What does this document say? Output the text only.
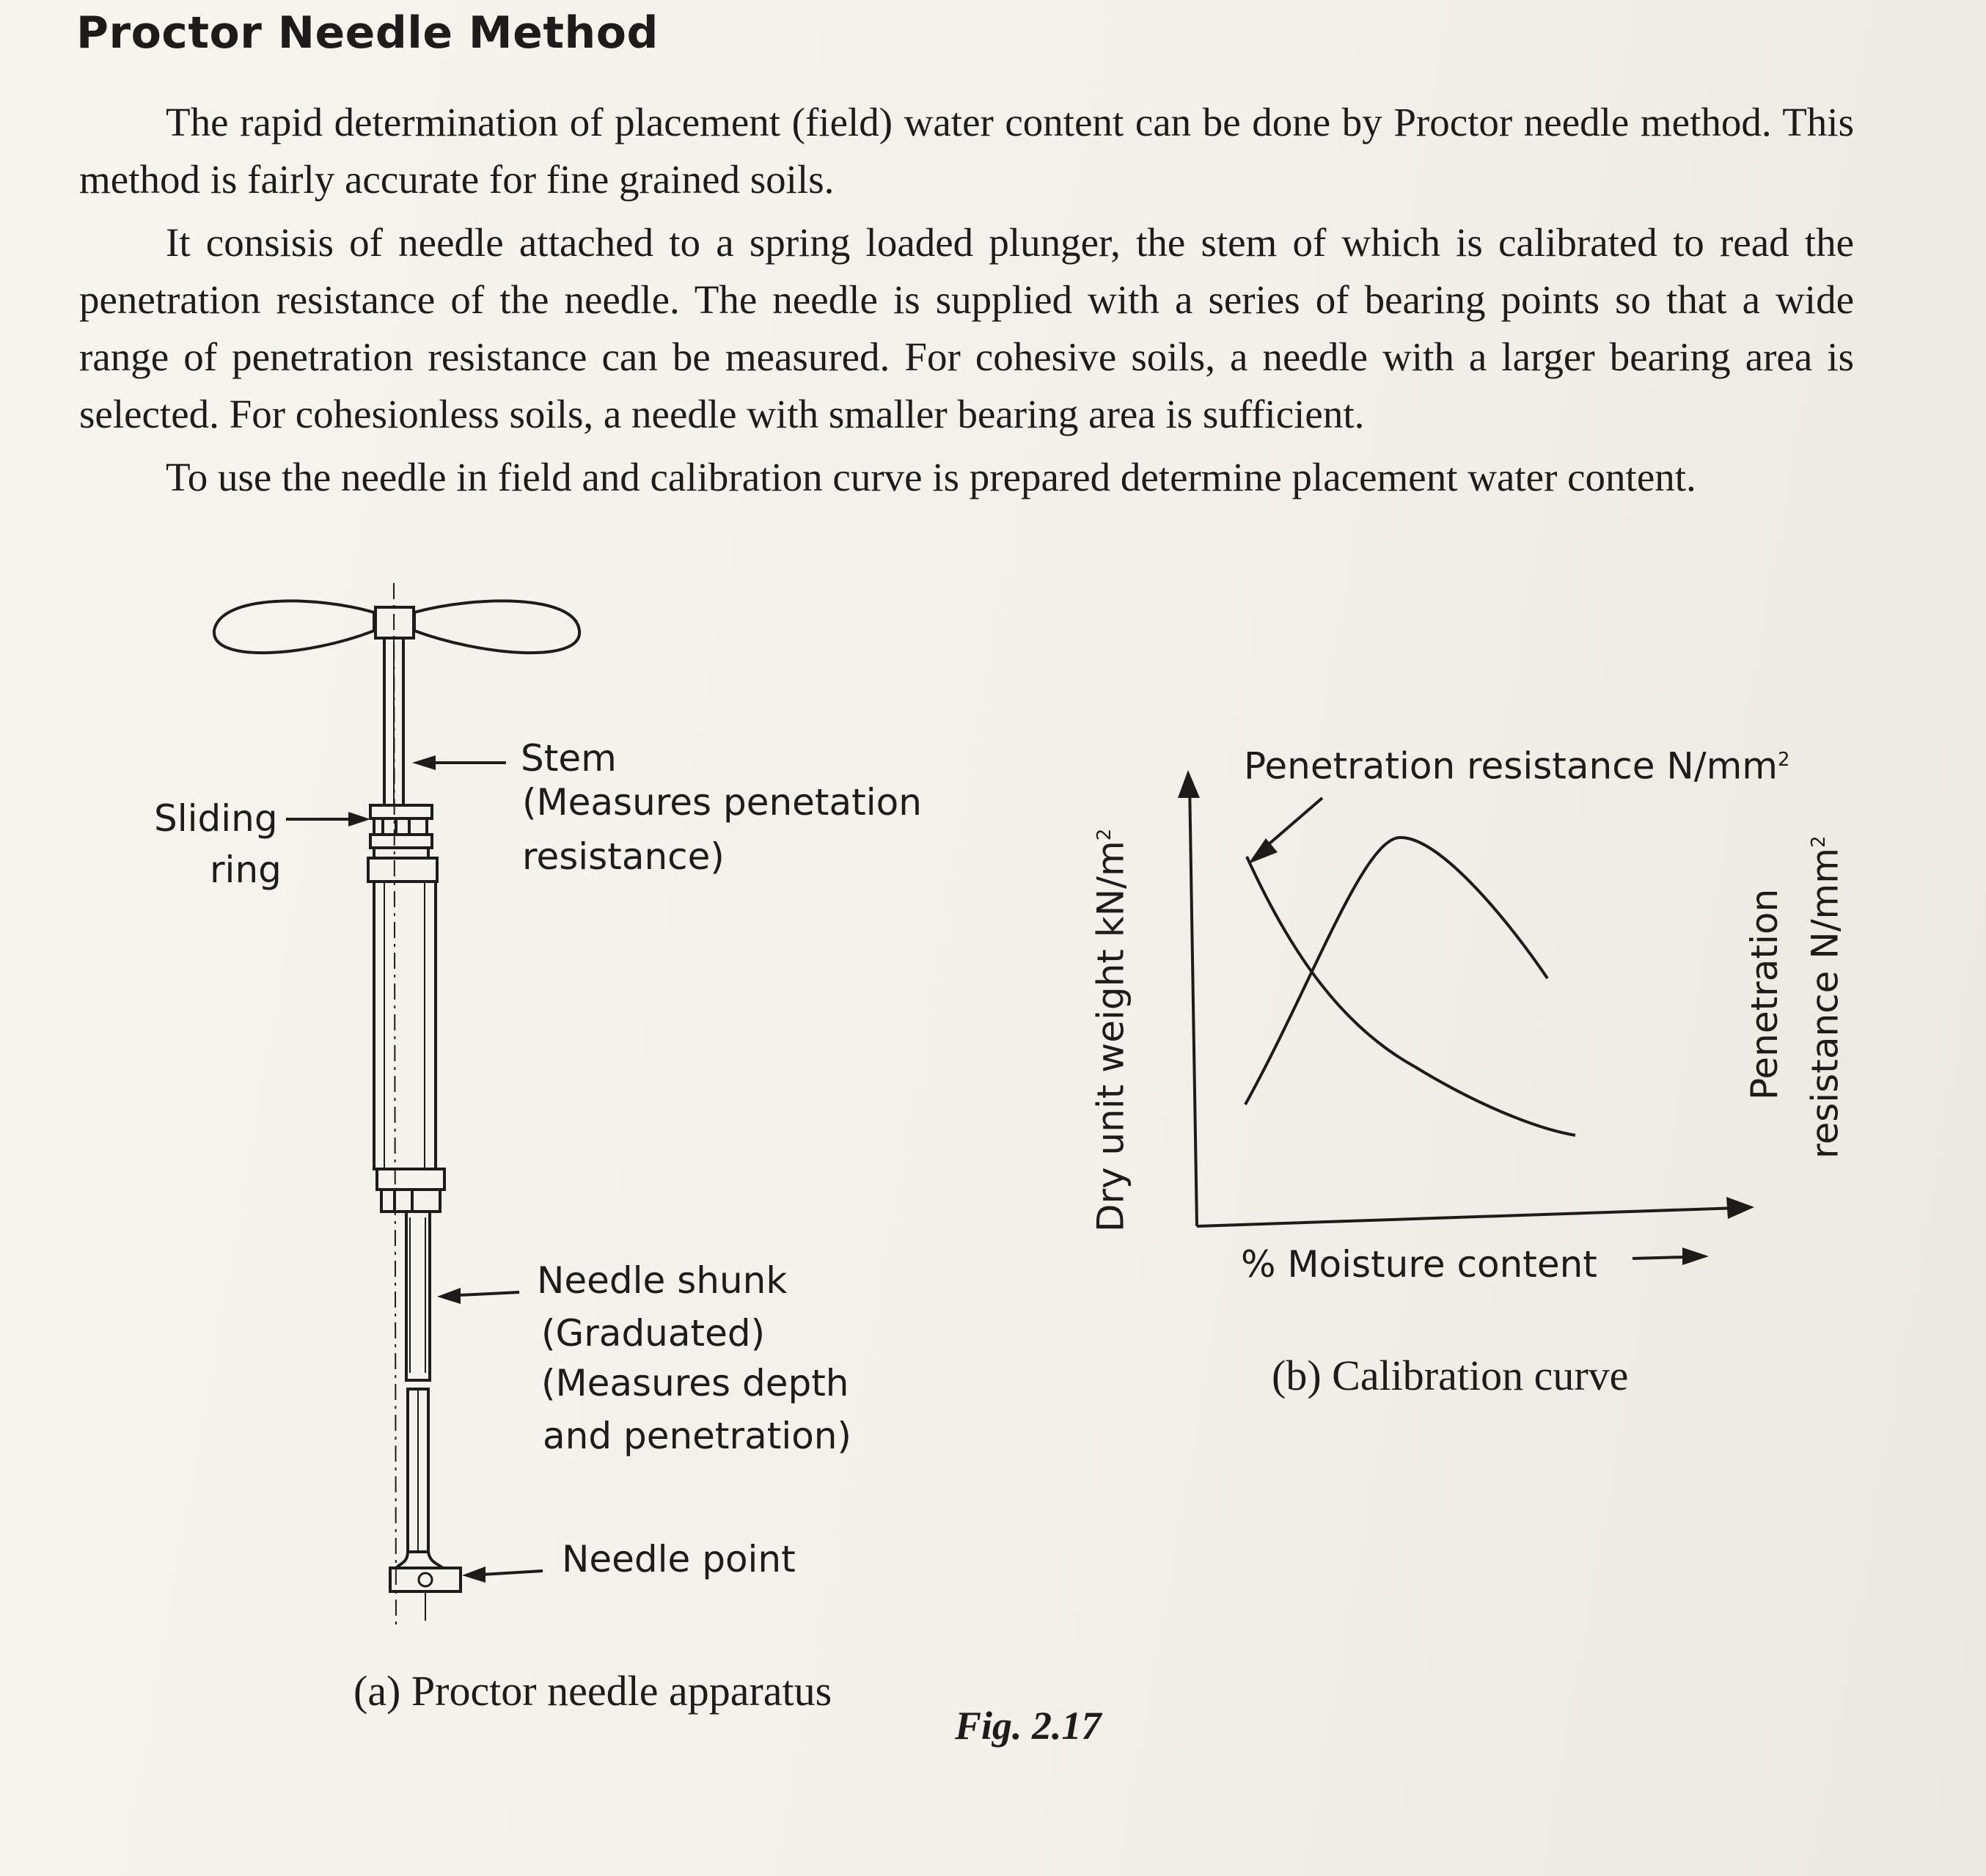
Proctor Needle Method

The rapid determination of placement (field) water content can be done by Proctor needle method. This method is fairly accurate for fine grained soils.

It consisis of needle attached to a spring loaded plunger, the stem of which is calibrated to read the penetration resistance of the needle. The needle is supplied with a series of bearing points so that a wide range of penetration resistance can be measured. For cohesive soils, a needle with a larger bearing area is selected. For cohesionless soils, a needle with smaller bearing area is sufficient.

To use the needle in field and calibration curve is prepared determine placement water content.

Stem
(Measures penetation
resistance)
Sliding
ring
Needle shunk
(Graduated)
(Measures depth
and penetration)
Needle point
(a) Proctor needle apparatus
Penetration resistance $N/mm^2$
Dry unit weight $kN/m^2$
% Moisture content
Penetration resistance $N/mm^2$
(b) Calibration curve
Fig. 2.17
